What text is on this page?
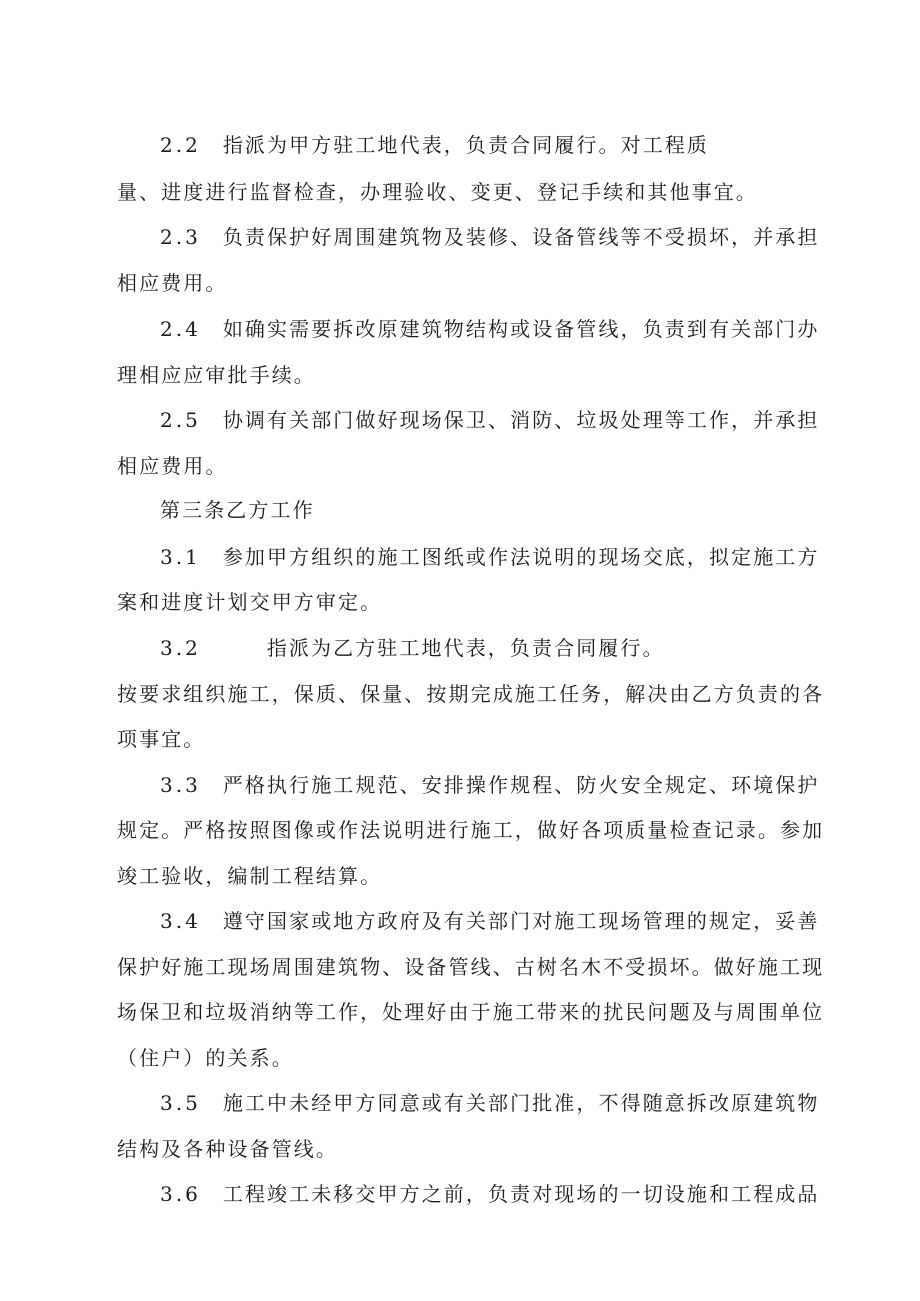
2.2 指派为甲方驻工地代表，负责合同履行。对工程质
量、进度进行监督检查，办理验收、变更、登记手续和其他事宜。
2.3 负责保护好周围建筑物及装修、设备管线等不受损坏，并承担
相应费用。
2.4 如确实需要拆改原建筑物结构或设备管线，负责到有关部门办
理相应应审批手续。
2.5 协调有关部门做好现场保卫、消防、垃圾处理等工作，并承担
相应费用。
第三条乙方工作
3.1 参加甲方组织的施工图纸或作法说明的现场交底，拟定施工方
案和进度计划交甲方审定。
3.2	指派为乙方驻工地代表，负责合同履行。
按要求组织施工，保质、保量、按期完成施工任务，解决由乙方负责的各
项事宜。
3.3 严格执行施工规范、安排操作规程、防火安全规定、环境保护
规定。严格按照图像或作法说明进行施工，做好各项质量检查记录。参加
竣工验收，编制工程结算。
3.4 遵守国家或地方政府及有关部门对施工现场管理的规定，妥善
保护好施工现场周围建筑物、设备管线、古树名木不受损坏。做好施工现
场保卫和垃圾消纳等工作，处理好由于施工带来的扰民问题及与周围单位
（住户）的关系。
3.5 施工中未经甲方同意或有关部门批准，不得随意拆改原建筑物
结构及各种设备管线。
3.6 工程竣工未移交甲方之前，负责对现场的一切设施和工程成品
